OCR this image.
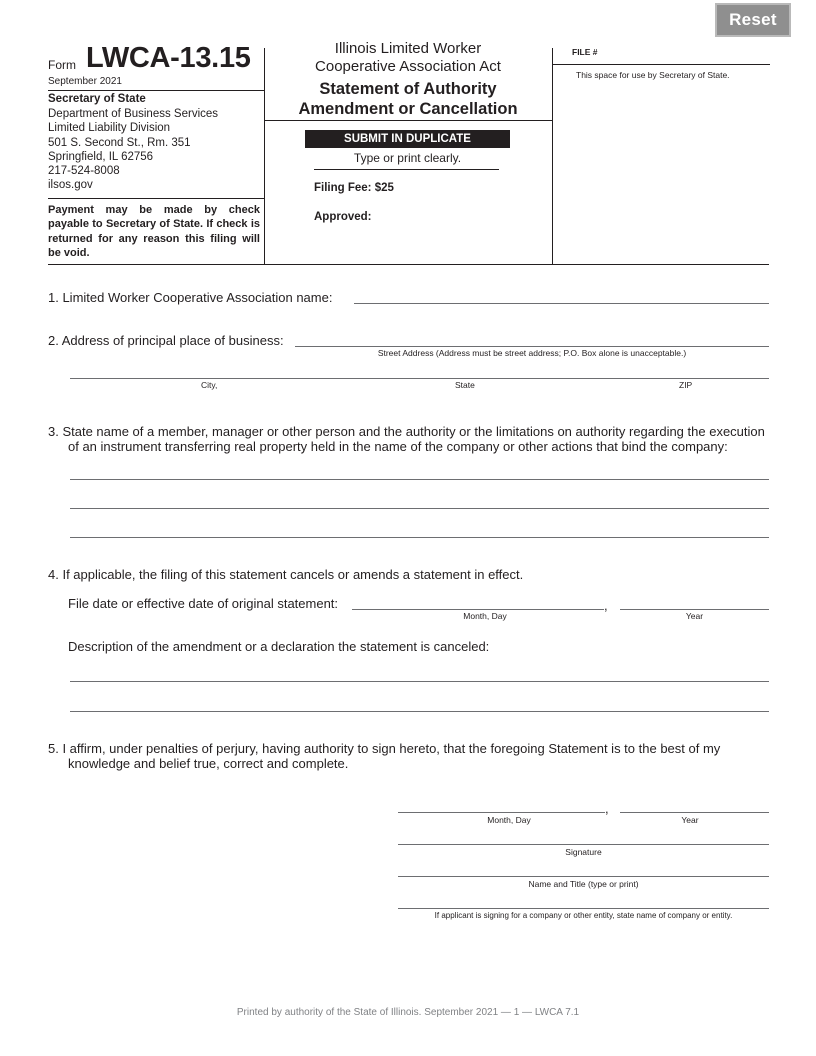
Reset
Form LWCA-13.15
September 2021
Secretary of State
Department of Business Services
Limited Liability Division
501 S. Second St., Rm. 351
Springfield, IL 62756
217-524-8008
ilsos.gov
Payment may be made by check payable to Secretary of State. If check is returned for any reason this filing will be void.
Illinois Limited Worker
Cooperative Association Act
Statement of Authority
Amendment or Cancellation
SUBMIT IN DUPLICATE
Type or print clearly.
Filing Fee: $25
Approved:
FILE #
This space for use by Secretary of State.
1. Limited Worker Cooperative Association name:
2. Address of principal place of business:
Street Address (Address must be street address; P.O. Box alone is unacceptable.)
City,	State	ZIP
3. State name of a member, manager or other person and the authority or the limitations on authority regarding the execution of an instrument transferring real property held in the name of the company or other actions that bind the company:
4. If applicable, the filing of this statement cancels or amends a statement in effect.
File date or effective date of original statement:	,
Month, Day	Year
Description of the amendment or a declaration the statement is canceled:
5. I affirm, under penalties of perjury, having authority to sign hereto, that the foregoing Statement is to the best of my knowledge and belief true, correct and complete.
,
Month, Day	Year
Signature
Name and Title (type or print)
If applicant is signing for a company or other entity, state name of company or entity.
Printed by authority of the State of Illinois. September 2021 — 1 — LWCA 7.1
